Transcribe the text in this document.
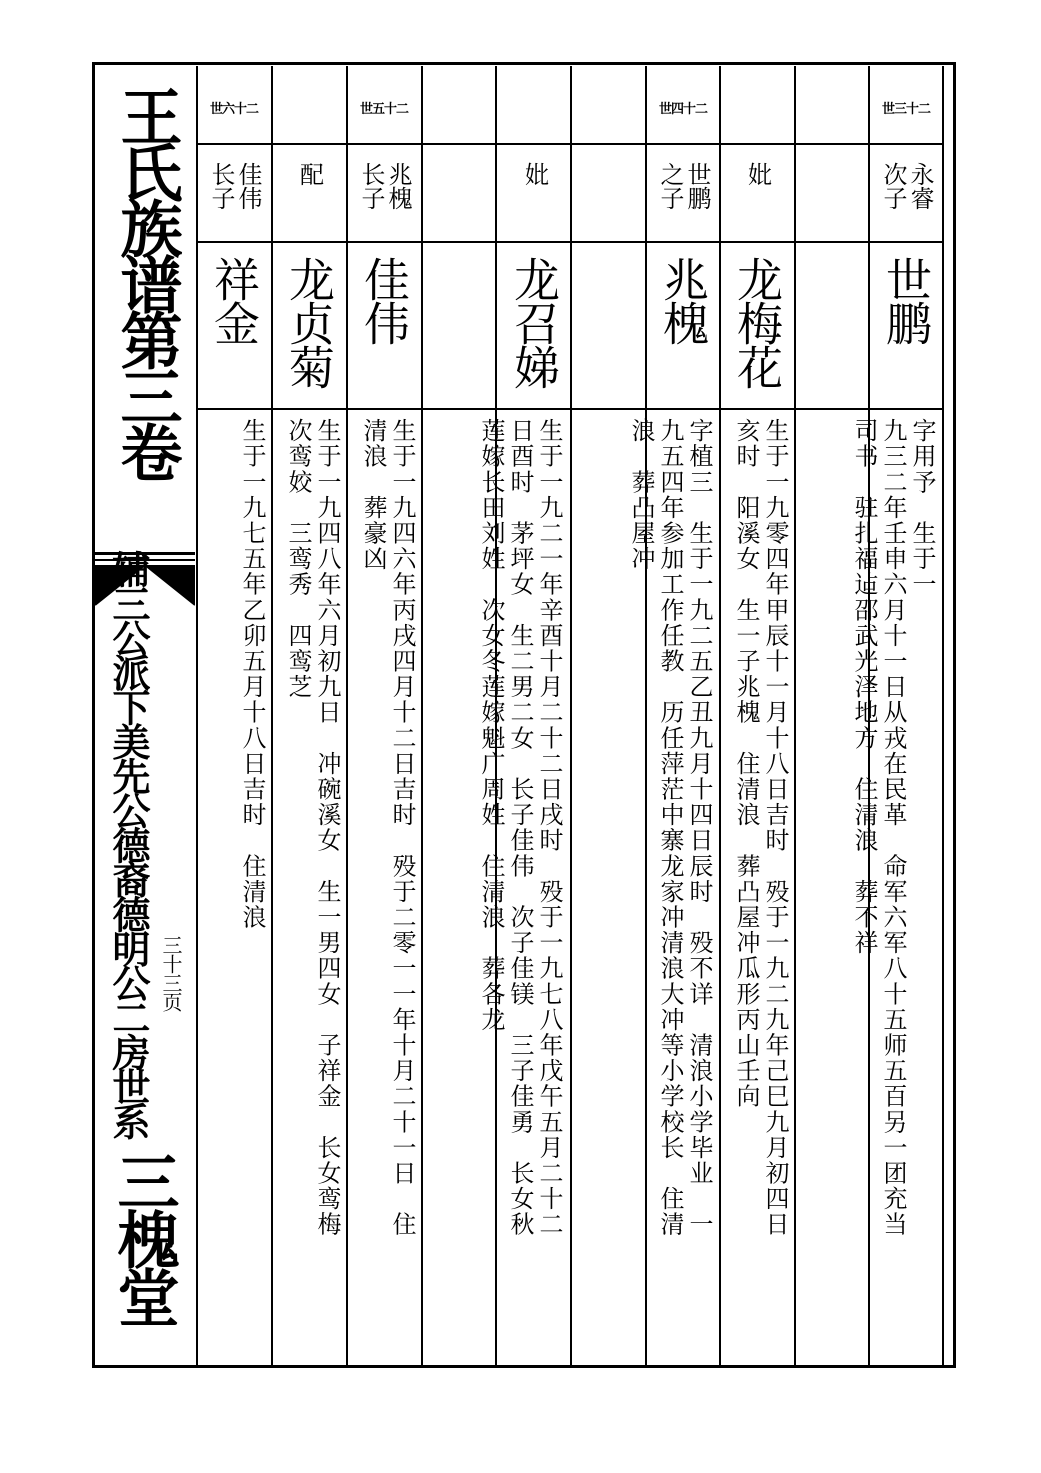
王氏族谱第三卷
辅三公派下美先公德裔德明公二房世系 三十三页
三槐堂
世三十二
永睿
次子
世鹏
字用予　生于一
九三二年壬申六月十一日从戎在民革　命军六军八十五师五百另一团充当
司书　驻扎福迠邵武光泽地方　住清浪　葬不祥
妣
龙梅花
生于一九零四年甲辰十一月十八日吉时　殁于一九二九年己巳九月初四日
亥时　阳溪女　生一子兆槐　住清浪　葬凸屋冲瓜形丙山壬向
世四十二
世鹏
之子
兆槐
字植三　生于一九二五乙丑九月十四日辰时　殁不详　清浪小学毕业　一
九五四年参加工作任教　历任萍茫中寨龙家冲清浪大冲等小学校长　住清
浪　葬凸屋冲
妣
龙召娣
生于一九二一年辛酉十月二十二日戌时　殁于一九七八年戊午五月二十二
日酉时　茅坪女　生二男二女　长子佳伟　次子佳镁　三子佳勇　长女秋
莲嫁长田刘姓　次女冬莲嫁魁广周姓　住清浪　葬各龙
世五十二
兆槐
长子
佳伟
生于一九四六年丙戌四月十二日吉时　殁于二零一一年十月二十一日　住
清浪　葬豪凶
配
龙贞菊
生于一九四八年六月初九日　冲碗溪女　生一男四女　子祥金　长女鸾梅
次鸾姣　三鸾秀　四鸾芝
世六十二
佳伟
长子
祥金
生于一九七五年乙卯五月十八日吉时　住清浪
